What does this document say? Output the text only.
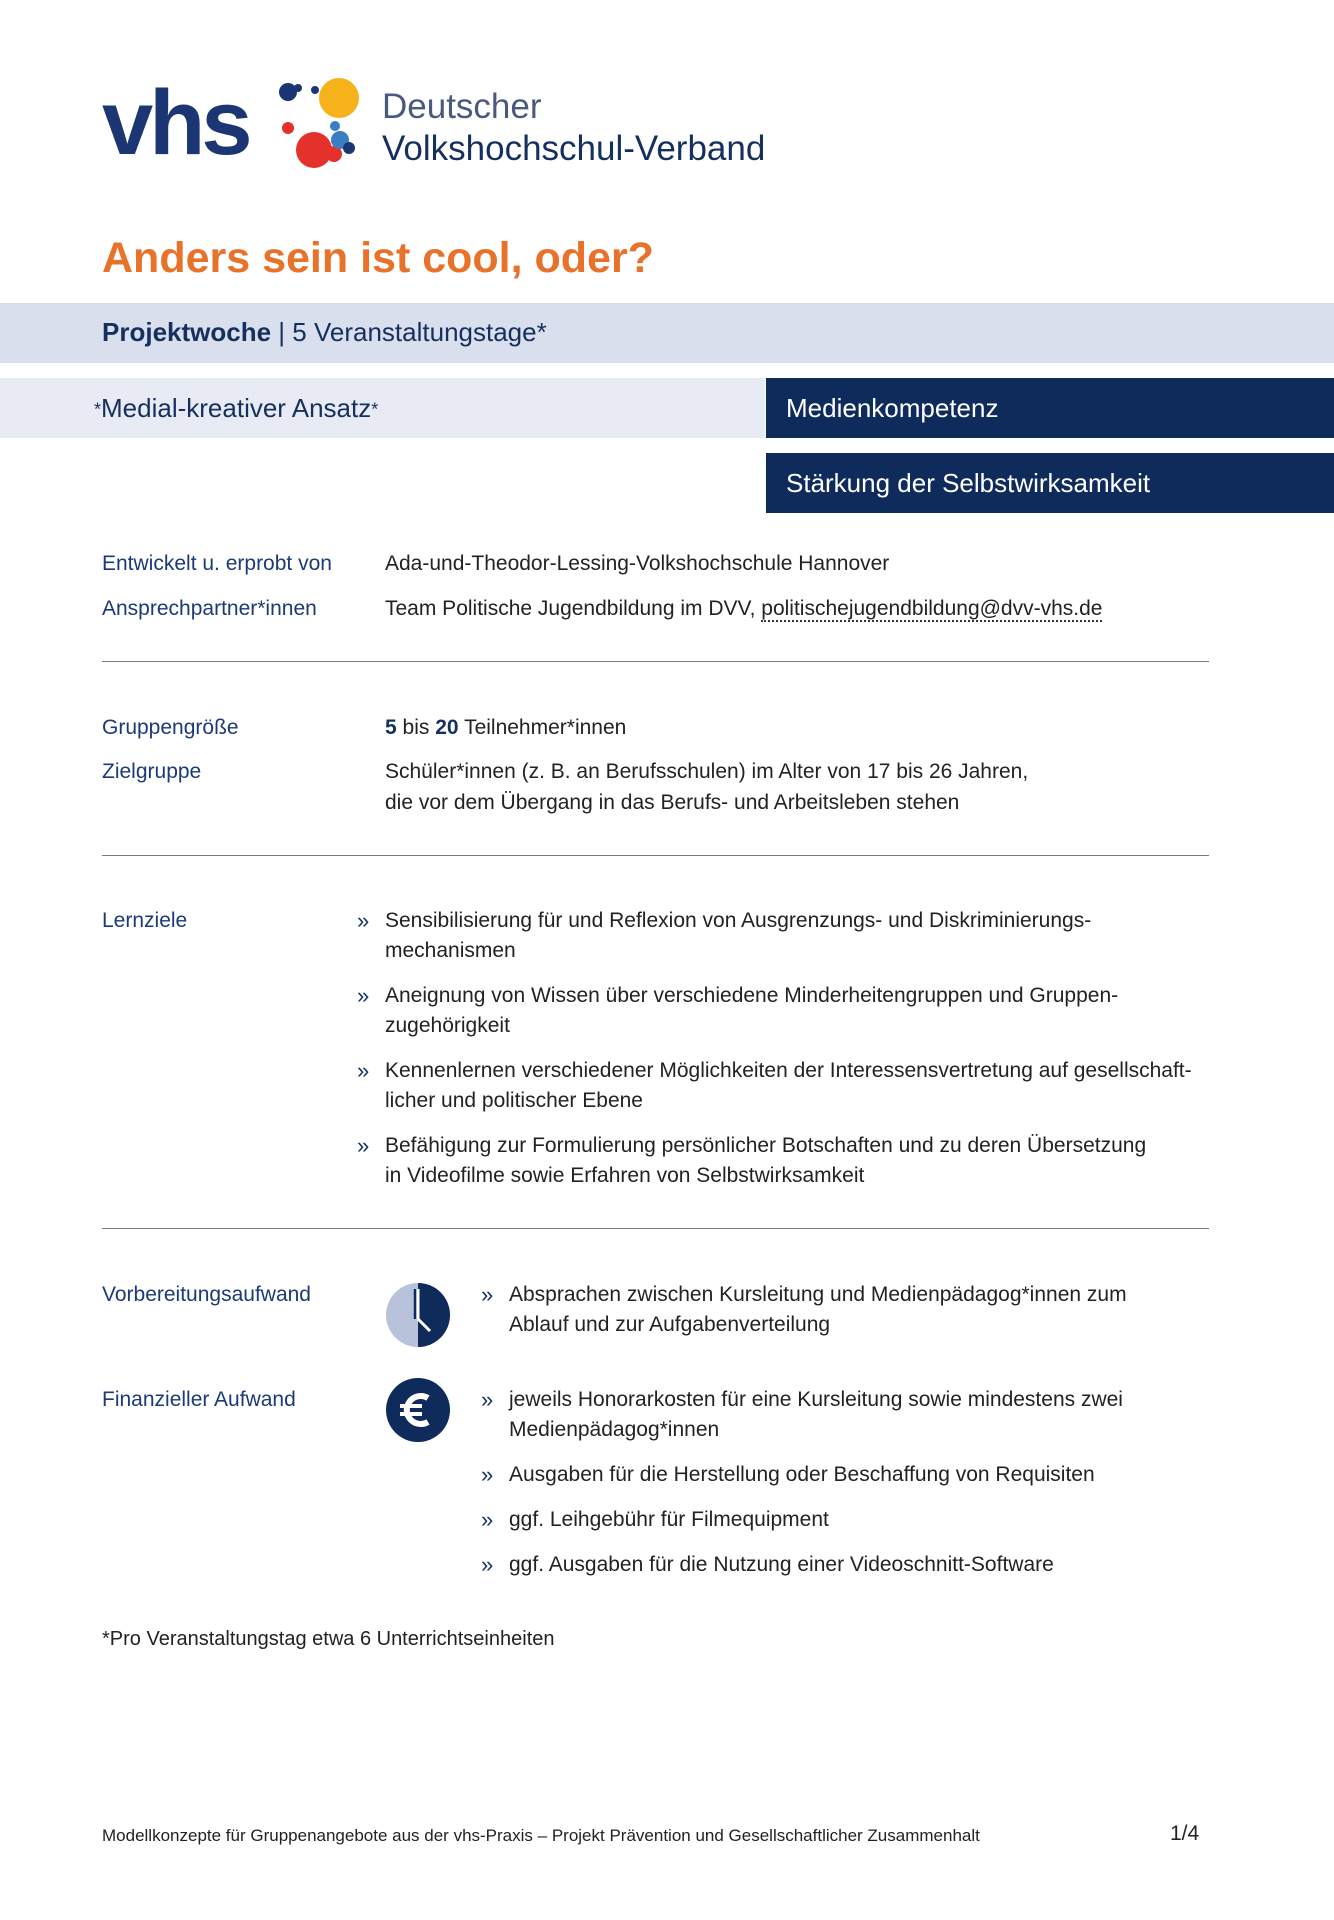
vhs	Deutscher
Volkshochschul-Verband
Anders sein ist cool, oder?
Projektwoche | 5 Veranstaltungstage*
*Medial-kreativer Ansatz*	Medienkompetenz
Stärkung der Selbstwirksamkeit
Entwickelt u. erprobt von	Ada-und-Theodor-Lessing-Volkshochschule Hannover
Ansprechpartner*innen	Team Politische Jugendbildung im DVV, politischejugendbildung@dvv-vhs.de
Gruppengröße	5 bis 20 Teilnehmer*innen
Zielgruppe	Schüler*innen (z. B. an Berufsschulen) im Alter von 17 bis 26 Jahren,
die vor dem Übergang in das Berufs- und Arbeitsleben stehen
Lernziele	» Sensibilisierung für und Reflexion von Ausgrenzungs- und Diskriminierungs-
mechanismen
» Aneignung von Wissen über verschiedene Minderheitengruppen und Gruppen-
zugehörigkeit
» Kennenlernen verschiedener Möglichkeiten der Interessensvertretung auf gesellschaft-
licher und politischer Ebene
» Befähigung zur Formulierung persönlicher Botschaften und zu deren Übersetzung
in Videofilme sowie Erfahren von Selbstwirksamkeit
Vorbereitungsaufwand	» Absprachen zwischen Kursleitung und Medienpädagog*innen zum
Ablauf und zur Aufgabenverteilung
Finanzieller Aufwand	» jeweils Honorarkosten für eine Kursleitung sowie mindestens zwei
Medienpädagog*innen
» Ausgaben für die Herstellung oder Beschaffung von Requisiten
» ggf. Leihgebühr für Filmequipment
» ggf. Ausgaben für die Nutzung einer Videoschnitt-Software
*Pro Veranstaltungstag etwa 6 Unterrichtseinheiten
Modellkonzepte für Gruppenangebote aus der vhs-Praxis – Projekt Prävention und Gesellschaftlicher Zusammenhalt	1/4
